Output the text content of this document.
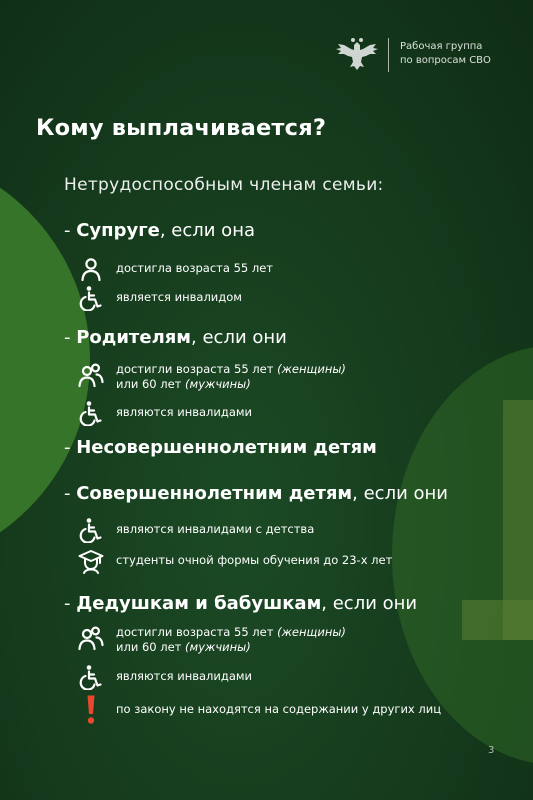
Рабочая группа
по вопросам СВО
Кому выплачивается?
Нетрудоспособным членам семьи:
- Супруге, если она
достигла возраста 55 лет
является инвалидом
- Родителям, если они
достигли возраста 55 лет (женщины)
или 60 лет (мужчины)
являются инвалидами
- Несовершеннолетним детям
- Совершеннолетним детям, если они
являются инвалидами с детства
студенты очной формы обучения до 23-х лет
- Дедушкам и бабушкам, если они
достигли возраста 55 лет (женщины)
или 60 лет (мужчины)
являются инвалидами
по закону не находятся на содержании у других лиц
3
